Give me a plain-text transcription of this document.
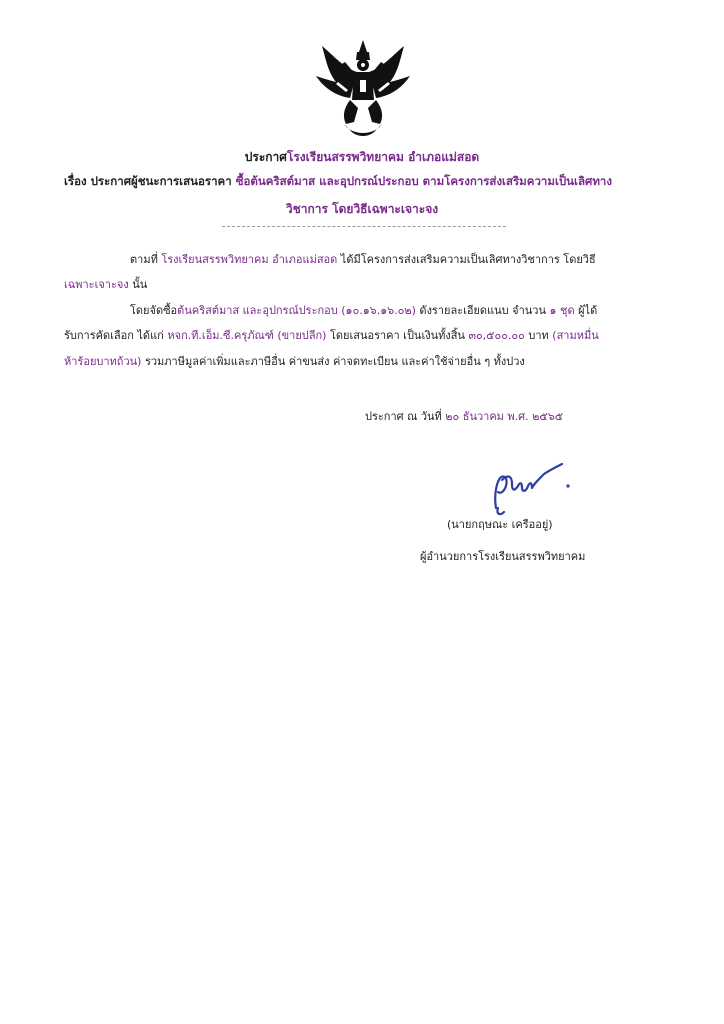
ประกาศโรงเรียนสรรพวิทยาคม อำเภอแม่สอด
เรื่อง ประกาศผู้ชนะการเสนอราคา ซื้อต้นคริสต์มาส และอุปกรณ์ประกอบ ตามโครงการส่งเสริมความเป็นเลิศทาง
วิชาการ โดยวิธีเฉพาะเจาะจง
ตามที่ โรงเรียนสรรพวิทยาคม อำเภอแม่สอด ได้มีโครงการส่งเสริมความเป็นเลิศทางวิชาการ โดยวิธี
เฉพาะเจาะจง นั้น
โดยจัดซื้อต้นคริสต์มาส และอุปกรณ์ประกอบ (๑๐.๑๖.๑๖.๐๒) ดังรายละเอียดแนบ จำนวน ๑ ชุด ผู้ได้
รับการคัดเลือก ได้แก่ หจก.ที.เอ็ม.ซี.ครุภัณฑ์ (ขายปลีก) โดยเสนอราคา เป็นเงินทั้งสิ้น ๓๐,๕๐๐.๐๐ บาท (สามหมื่น
ห้าร้อยบาทถ้วน) รวมภาษีมูลค่าเพิ่มและภาษีอื่น ค่าขนส่ง ค่าจดทะเบียน และค่าใช้จ่ายอื่น ๆ ทั้งปวง
ประกาศ ณ วันที่ ๒๐ ธันวาคม พ.ศ. ๒๕๖๕
(นายกฤษณะ เครืออยู่)
ผู้อำนวยการโรงเรียนสรรพวิทยาคม
